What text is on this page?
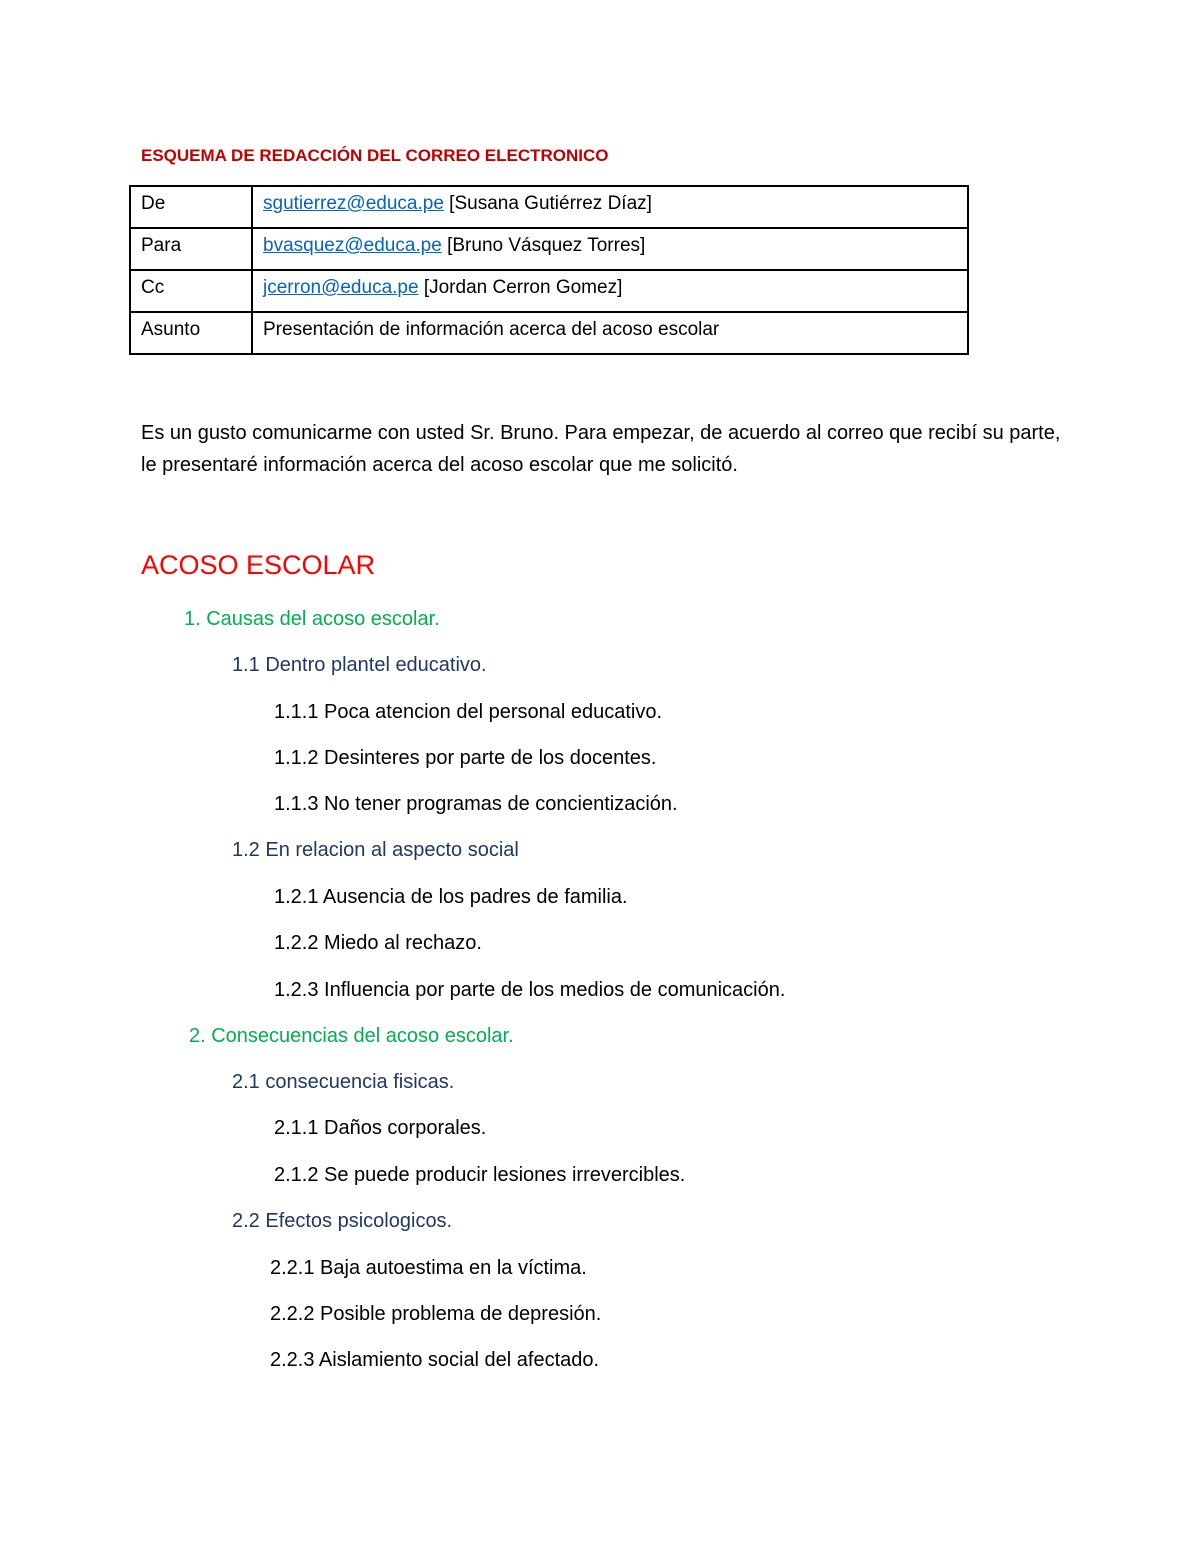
ESQUEMA DE REDACCIÓN DEL CORREO ELECTRONICO
De	sgutierrez@educa.pe [Susana Gutiérrez Díaz]
Para	bvasquez@educa.pe [Bruno Vásquez Torres]
Cc	jcerron@educa.pe [Jordan Cerron Gomez]
Asunto	Presentación de información acerca del acoso escolar
Es un gusto comunicarme con usted Sr. Bruno. Para empezar, de acuerdo al correo que recibí su parte, le presentaré información acerca del acoso escolar que me solicitó.
ACOSO ESCOLAR
1. Causas del acoso escolar.
1.1 Dentro plantel educativo.
1.1.1 Poca atencion del personal educativo.
1.1.2 Desinteres por parte de los docentes.
1.1.3 No tener programas de concientización.
1.2 En relacion al aspecto social
1.2.1 Ausencia de los padres de familia.
1.2.2 Miedo al rechazo.
1.2.3 Influencia por parte de los medios de comunicación.
2. Consecuencias del acoso escolar.
2.1 consecuencia fisicas.
2.1.1 Daños corporales.
2.1.2 Se puede producir lesiones irrevercibles.
2.2 Efectos psicologicos.
2.2.1 Baja autoestima en la víctima.
2.2.2 Posible problema de depresión.
2.2.3 Aislamiento social del afectado.
